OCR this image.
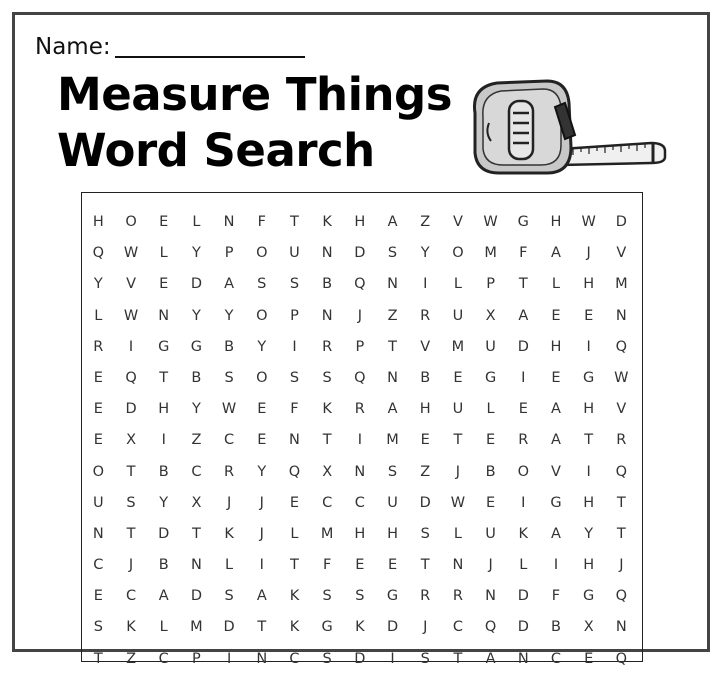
Name:
Measure Things
Word Search
H	O	E	L	N	F	T	K	H	A	Z	V	W	G	H	W	D
Q	W	L	Y	P	O	U	N	D	S	Y	O	M	F	A	J	V
Y	V	E	D	A	S	S	B	Q	N	I	L	P	T	L	H	M
L	W	N	Y	Y	O	P	N	J	Z	R	U	X	A	E	E	N
R	I	G	G	B	Y	I	R	P	T	V	M	U	D	H	I	Q
E	Q	T	B	S	O	S	S	Q	N	B	E	G	I	E	G	W
E	D	H	Y	W	E	F	K	R	A	H	U	L	E	A	H	V
E	X	I	Z	C	E	N	T	I	M	E	T	E	R	A	T	R
O	T	B	C	R	Y	Q	X	N	S	Z	J	B	O	V	I	Q
U	S	Y	X	J	J	E	C	C	U	D	W	E	I	G	H	T
N	T	D	T	K	J	L	M	H	H	S	L	U	K	A	Y	T
C	J	B	N	L	I	T	F	E	E	T	N	J	L	I	H	J
E	C	A	D	S	A	K	S	S	G	R	R	N	D	F	G	Q
S	K	L	M	D	T	K	G	K	D	J	C	Q	D	B	X	N
T	Z	C	P	I	N	C	S	D	I	S	T	A	N	C	E	Q
